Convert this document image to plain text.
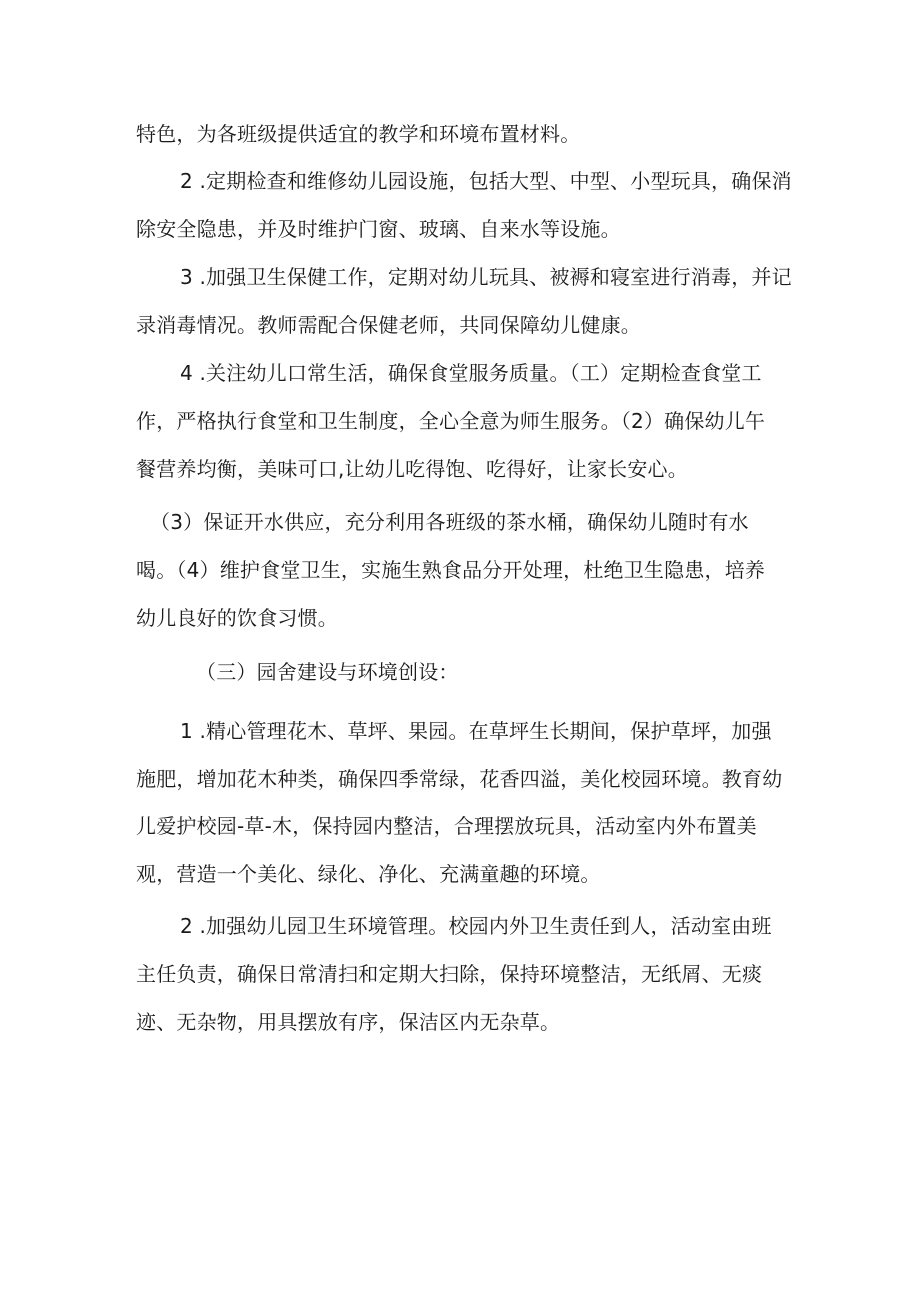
特色，为各班级提供适宜的教学和环境布置材料。
2 .定期检查和维修幼儿园设施，包括大型、中型、小型玩具，确保消
除安全隐患，并及时维护门窗、玻璃、自来水等设施。
3 .加强卫生保健工作，定期对幼儿玩具、被褥和寝室进行消毒，并记
录消毒情况。教师需配合保健老师，共同保障幼儿健康。
4 .关注幼儿口常生活，确保食堂服务质量。（工）定期检查食堂工
作，严格执行食堂和卫生制度，全心全意为师生服务。（2）确保幼儿午
餐营养均衡，美味可口,让幼儿吃得饱、吃得好，让家长安心。
（3）保证开水供应，充分利用各班级的茶水桶，确保幼儿随时有水
喝。（4）维护食堂卫生，实施生熟食品分开处理，杜绝卫生隐患，培养
幼儿良好的饮食习惯。
（三）园舍建设与环境创设：
1 .精心管理花木、草坪、果园。在草坪生长期间，保护草坪，加强
施肥，增加花木种类，确保四季常绿，花香四溢，美化校园环境。教育幼
儿爱护校园-草-木，保持园内整洁，合理摆放玩具，活动室内外布置美
观，营造一个美化、绿化、净化、充满童趣的环境。
2 .加强幼儿园卫生环境管理。校园内外卫生责任到人，活动室由班
主任负责，确保日常清扫和定期大扫除，保持环境整洁，无纸屑、无痰
迹、无杂物，用具摆放有序，保洁区内无杂草。
